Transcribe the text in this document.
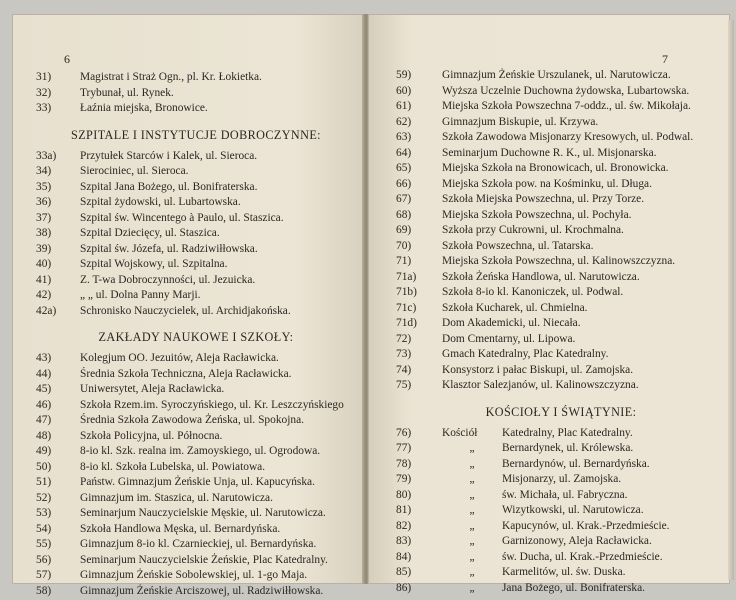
6
31)	Magistrat i Straż Ogn., pl. Kr. Łokietka.
32)	Trybunał, ul. Rynek.
33)	Łaźnia miejska, Bronowice.
SZPITALE I INSTYTUCJE DOBROCZYNNE:
33a)	Przytułek Starców i Kalek, ul. Sieroca.
34)	Sierociniec, ul. Sieroca.
35)	Szpital Jana Bożego, ul. Bonifraterska.
36)	Szpital żydowski, ul. Lubartowska.
37)	Szpital św. Wincentego à Paulo, ul. Staszica.
38)	Szpital Dziecięcy, ul. Staszica.
39)	Szpital św. Józefa, ul. Radziwiłłowska.
40)	Szpital Wojskowy, ul. Szpitalna.
41)	Z. T-wa Dobroczynności, ul. Jezuicka.
42)	„ „ ul. Dolna Panny Marji.
42a)	Schronisko Nauczycielek, ul. Archidjakońska.
ZAKŁADY NAUKOWE I SZKOŁY:
43)	Kolegjum OO. Jezuitów, Aleja Racławicka.
44)	Średnia Szkoła Techniczna, Aleja Racławicka.
45)	Uniwersytet, Aleja Racławicka.
46)	Szkoła Rzem.im. Syroczyńskiego, ul. Kr. Leszczyńskiego
47)	Średnia Szkoła Zawodowa Żeńska, ul. Spokojna.
48)	Szkoła Policyjna, ul. Północna.
49)	8-io kl. Szk. realna im. Zamoyskiego, ul. Ogrodowa.
50)	8-io kl. Szkoła Lubelska, ul. Powiatowa.
51)	Państw. Gimnazjum Żeńskie Unja, ul. Kapucyńska.
52)	Gimnazjum im. Staszica, ul. Narutowicza.
53)	Seminarjum Nauczycielskie Męskie, ul. Narutowicza.
54)	Szkoła Handlowa Męska, ul. Bernardyńska.
55)	Gimnazjum 8-io kl. Czarnieckiej, ul. Bernardyńska.
56)	Seminarjum Nauczycielskie Żeńskie, Plac Katedralny.
57)	Gimnazjum Żeńskie Sobolewskiej, ul. 1-go Maja.
58)	Gimnazjum Żeńskie Arciszowej, ul. Radziwiłłowska.
7
59)	Gimnazjum Żeńskie Urszulanek, ul. Narutowicza.
60)	Wyższa Uczelnie Duchowna żydowska, Lubartowska.
61)	Miejska Szkoła Powszechna 7-oddz., ul. św. Mikołaja.
62)	Gimnazjum Biskupie, ul. Krzywa.
63)	Szkoła Zawodowa Misjonarzy Kresowych, ul. Podwal.
64)	Seminarjum Duchowne R. K., ul. Misjonarska.
65)	Miejska Szkoła na Bronowicach, ul. Bronowicka.
66)	Miejska Szkoła pow. na Kośminku, ul. Długa.
67)	Szkoła Miejska Powszechna, ul. Przy Torze.
68)	Miejska Szkoła Powszechna, ul. Pochyła.
69)	Szkoła przy Cukrowni, ul. Krochmalna.
70)	Szkoła Powszechna, ul. Tatarska.
71)	Miejska Szkoła Powszechna, ul. Kalinowszczyzna.
71a)	Szkoła Żeńska Handlowa, ul. Narutowicza.
71b)	Szkoła 8-io kl. Kanoniczek, ul. Podwal.
71c)	Szkoła Kucharek, ul. Chmielna.
71d)	Dom Akademicki, ul. Niecała.
72)	Dom Cmentarny, ul. Lipowa.
73)	Gmach Katedralny, Plac Katedralny.
74)	Konsystorz i pałac Biskupi, ul. Zamojska.
75)	Klasztor Salezjanów, ul. Kalinowszczyzna.
KOŚCIOŁY I ŚWIĄTYNIE:
76)	Kościół	Katedralny, Plac Katedralny.
77)	„	Bernardynek, ul. Królewska.
78)	„	Bernardynów, ul. Bernardyńska.
79)	„	Misjonarzy, ul. Zamojska.
80)	„	św. Michała, ul. Fabryczna.
81)	„	Wizytkowski, ul. Narutowicza.
82)	„	Kapucynów, ul. Krak.-Przedmieście.
83)	„	Garnizonowy, Aleja Racławicka.
84)	„	św. Ducha, ul. Krak.-Przedmieście.
85)	„	Karmelitów, ul. św. Duska.
86)	„	Jana Bożego, ul. Bonifraterska.
